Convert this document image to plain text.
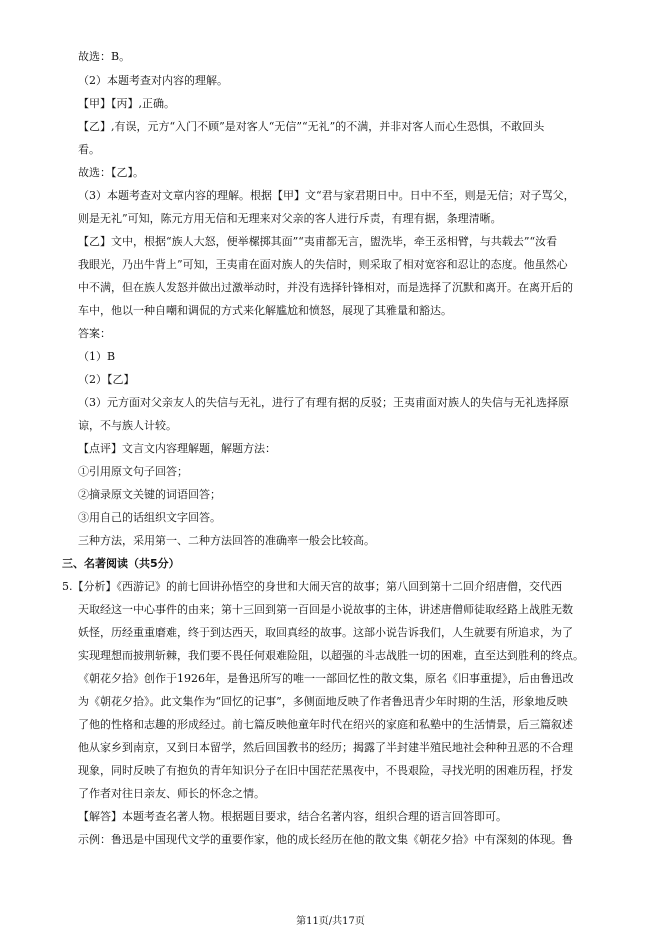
故选：B。
（2）本题考查对内容的理解。
【甲】【丙】,正确。
【乙】,有误，元方“入门不顾”是对客人“无信”“无礼”的不满，并非对客人而心生恐惧，不敢回头
看。
故选：【乙】。
（3）本题考查对文章内容的理解。根据【甲】文“君与家君期日中。日中不至，则是无信；对子骂父，
则是无礼”可知，陈元方用无信和无理来对父亲的客人进行斥责，有理有据，条理清晰。
【乙】文中，根据“族人大怒，便举樏掷其面”“夷甫都无言，盥洗毕，牵王丞相臂，与共载去”“汝看
我眼光，乃出牛背上”可知，王夷甫在面对族人的失信时，则采取了相对宽容和忍让的态度。他虽然心
中不满，但在族人发怒并做出过激举动时，并没有选择针锋相对，而是选择了沉默和离开。在离开后的
车中，他以一种自嘲和调侃的方式来化解尴尬和愤怒，展现了其雅量和豁达。
答案：
（1）B
（2）【乙】
（3）元方面对父亲友人的失信与无礼，进行了有理有据的反驳；王夷甫面对族人的失信与无礼选择原
谅，不与族人计较。
【点评】文言文内容理解题，解题方法：
①引用原文句子回答；
②摘录原文关键的词语回答；
③用自己的话组织文字回答。
三种方法，采用第一、二种方法回答的准确率一般会比较高。
三、名著阅读（共5分）
5.【分析】《西游记》的前七回讲孙悟空的身世和大闹天宫的故事；第八回到第十二回介绍唐僧，交代西
天取经这一中心事件的由来；第十三回到第一百回是小说故事的主体，讲述唐僧师徒取经路上战胜无数
妖怪，历经重重磨难，终于到达西天，取回真经的故事。这部小说告诉我们，人生就要有所追求，为了
实现理想而披荆斩棘，我们要不畏任何艰难险阻，以超强的斗志战胜一切的困难，直至达到胜利的终点。
《朝花夕拾》创作于1926年，是鲁迅所写的唯一一部回忆性的散文集，原名《旧事重提》，后由鲁迅改
为《朝花夕拾》。此文集作为“回忆的记事”，多侧面地反映了作者鲁迅青少年时期的生活，形象地反映
了他的性格和志趣的形成经过。前七篇反映他童年时代在绍兴的家庭和私塾中的生活情景，后三篇叙述
他从家乡到南京，又到日本留学，然后回国教书的经历；揭露了半封建半殖民地社会种种丑恶的不合理
现象，同时反映了有抱负的青年知识分子在旧中国茫茫黑夜中，不畏艰险，寻找光明的困难历程，抒发
了作者对往日亲友、师长的怀念之情。
【解答】本题考查名著人物。根据题目要求，结合名著内容，组织合理的语言回答即可。
示例：鲁迅是中国现代文学的重要作家，他的成长经历在他的散文集《朝花夕拾》中有深刻的体现。鲁
第11页/共17页
